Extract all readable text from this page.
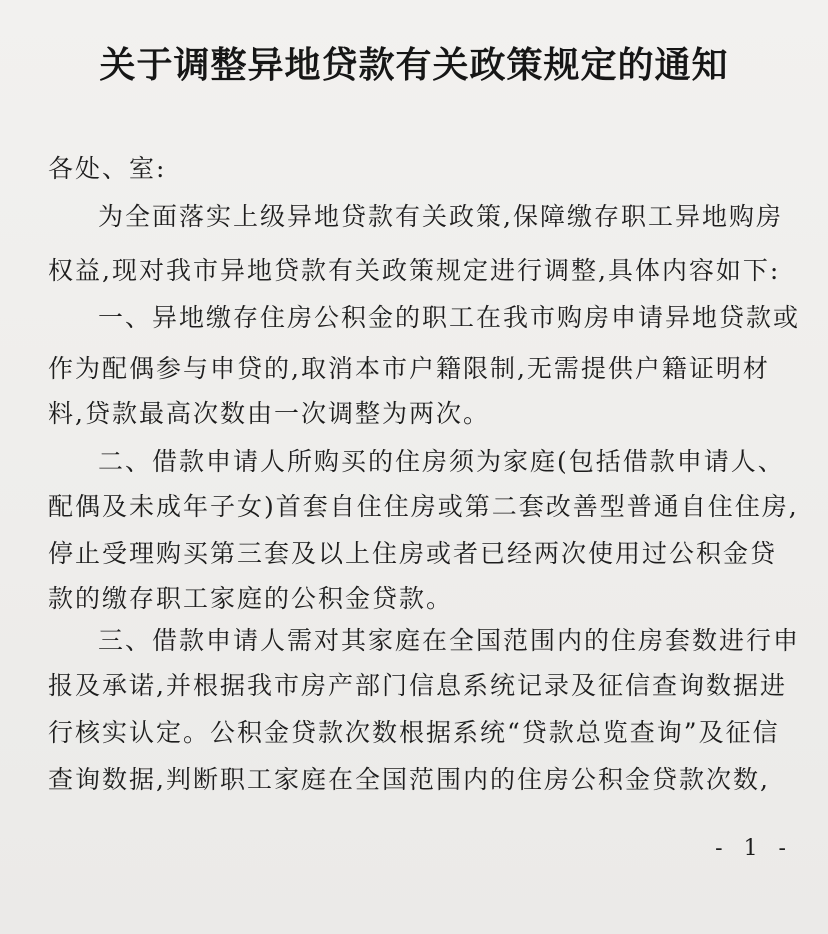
关于调整异地贷款有关政策规定的通知

各处、室:

为全面落实上级异地贷款有关政策,保障缴存职工异地购房

权益,现对我市异地贷款有关政策规定进行调整,具体内容如下:

一、异地缴存住房公积金的职工在我市购房申请异地贷款或

作为配偶参与申贷的,取消本市户籍限制,无需提供户籍证明材

料,贷款最高次数由一次调整为两次。

二、借款申请人所购买的住房须为家庭(包括借款申请人、

配偶及未成年子女)首套自住住房或第二套改善型普通自住住房,

停止受理购买第三套及以上住房或者已经两次使用过公积金贷

款的缴存职工家庭的公积金贷款。

三、借款申请人需对其家庭在全国范围内的住房套数进行申

报及承诺,并根据我市房产部门信息系统记录及征信查询数据进

行核实认定。公积金贷款次数根据系统“贷款总览查询”及征信

查询数据,判断职工家庭在全国范围内的住房公积金贷款次数,

- 1 -
